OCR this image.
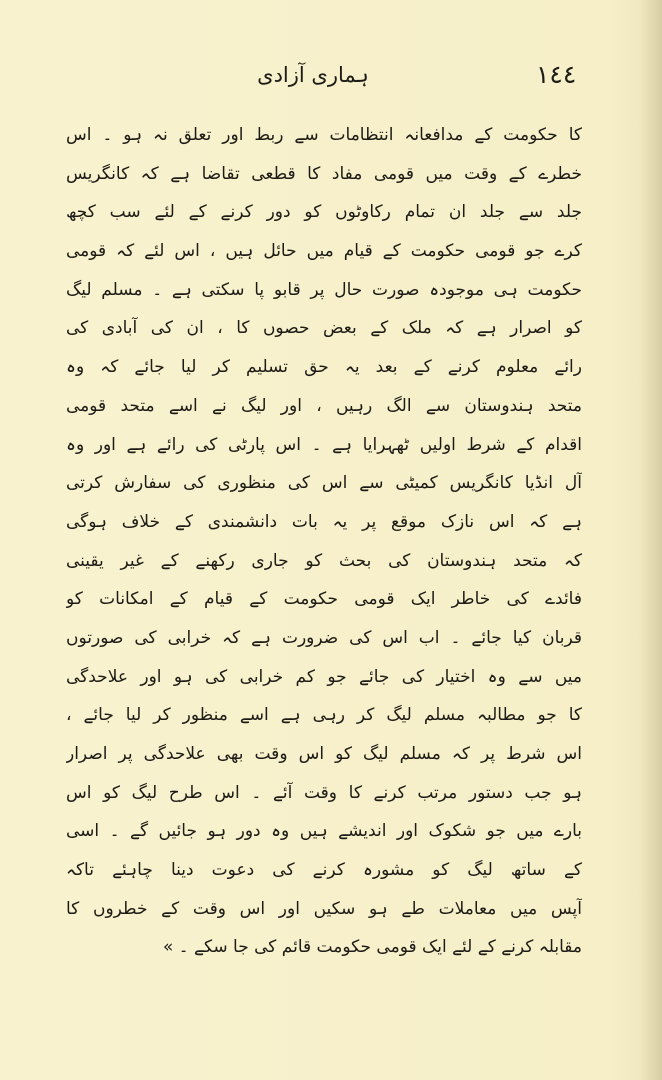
١٤٤
ہماری آزادی
کا حکومت کے مدافعانہ انتظامات سے ربط اور تعلق نہ ہو ۔ اس
خطرے کے وقت میں قومی مفاد کا قطعی تقاضا ہے کہ کانگریس
جلد سے جلد ان تمام رکاوٹوں کو دور کرنے کے لئے سب کچھ
کرے جو قومی حکومت کے قیام میں حائل ہیں ، اس لئے کہ قومی
حکومت ہی موجودہ صورت حال پر قابو پا سکتی ہے ۔ مسلم لیگ
کو اصرار ہے کہ ملک کے بعض حصوں کا ، ان کی آبادی کی
رائے معلوم کرنے کے بعد یہ حق تسلیم کر لیا جائے کہ وہ
متحد ہندوستان سے الگ رہیں ، اور لیگ نے اسے متحد قومی
اقدام کے شرط اولیں ٹھہرایا ہے ۔ اس پارٹی کی رائے ہے اور وہ
آل انڈیا کانگریس کمیٹی سے اس کی منظوری کی سفارش کرتی
ہے کہ اس نازک موقع پر یہ بات دانشمندی کے خلاف ہوگی
کہ متحد ہندوستان کی بحث کو جاری رکھنے کے غیر یقینی
فائدے کی خاطر ایک قومی حکومت کے قیام کے امکانات کو
قربان کیا جائے ۔ اب اس کی ضرورت ہے کہ خرابی کی صورتوں
میں سے وہ اختیار کی جائے جو کم خرابی کی ہو اور علاحدگی
کا جو مطالبہ مسلم لیگ کر رہی ہے اسے منظور کر لیا جائے ،
اس شرط پر کہ مسلم لیگ کو اس وقت بھی علاحدگی پر اصرار
ہو جب دستور مرتب کرنے کا وقت آئے ۔ اس طرح لیگ کو اس
بارے میں جو شکوک اور اندیشے ہیں وہ دور ہو جائیں گے ۔ اسی
کے ساتھ لیگ کو مشورہ کرنے کی دعوت دینا چاہئے تاکہ
آپس میں معاملات طے ہو سکیں اور اس وقت کے خطروں کا
مقابلہ کرنے کے لئے ایک قومی حکومت قائم کی جا سکے ۔ »
